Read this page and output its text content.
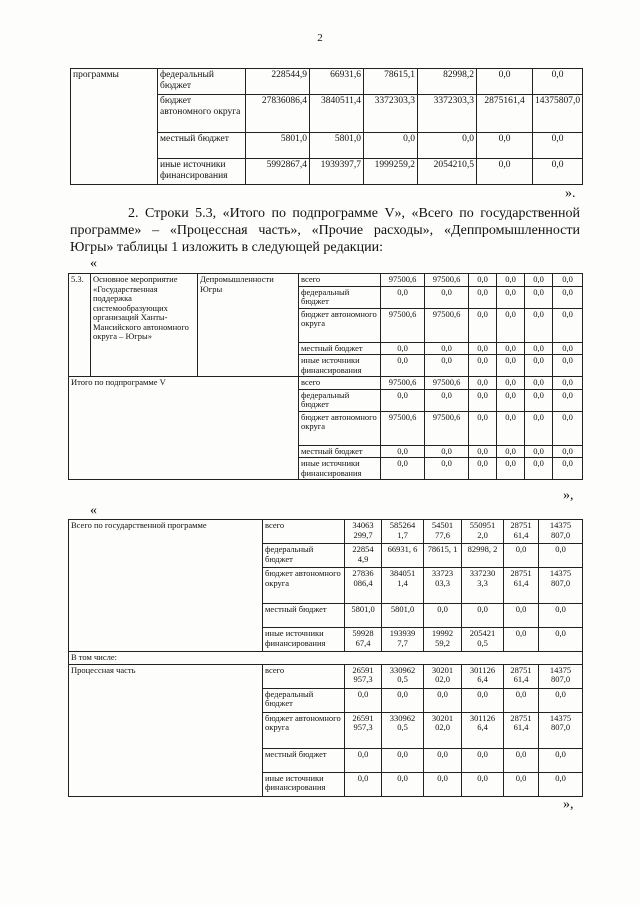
2
программы	федеральный бюджет	228544,9	66931,6	78615,1	82998,2	0,0	0,0
	бюджет автономного округа	27836086,4	3840511,4	3372303,3	3372303,3	2875161,4	14375807,0
	местный бюджет	5801,0	5801,0	0,0	0,0	0,0	0,0
	иные источники финансирования	5992867,4	1939397,7	1999259,2	2054210,5	0,0	0,0
».
2. Строки 5.3, «Итого по подпрограмме V», «Всего по государственной программе» – «Процессная часть», «Прочие расходы», «Деппромышленности Югры» таблицы 1 изложить в следующей редакции:
«
5.3.	Основное мероприятие «Государственная поддержка системообразующих организаций Ханты-Мансийского автономного округа – Югры»	Депромышленности Югры	всего	97500,6	97500,6	0,0	0,0	0,0	0,0
			федеральный бюджет	0,0	0,0	0,0	0,0	0,0	0,0
			бюджет автономного округа	97500,6	97500,6	0,0	0,0	0,0	0,0
			местный бюджет	0,0	0,0	0,0	0,0	0,0	0,0
			иные источники финансирования	0,0	0,0	0,0	0,0	0,0	0,0
Итого по подпрограмме V			всего	97500,6	97500,6	0,0	0,0	0,0	0,0
			федеральный бюджет	0,0	0,0	0,0	0,0	0,0	0,0
			бюджет автономного округа	97500,6	97500,6	0,0	0,0	0,0	0,0
			местный бюджет	0,0	0,0	0,0	0,0	0,0	0,0
			иные источники финансирования	0,0	0,0	0,0	0,0	0,0	0,0
»,
«
Всего по государственной программе	всего	34063 299,7	585264 1,7	54501 77,6	550951 2,0	28751 61,4	14375 807,0
	федеральный бюджет	22854 4,9	66931, 6	78615, 1	82998, 2	0,0	0,0
	бюджет автономного округа	27836 086,4	384051 1,4	33723 03,3	337230 3,3	28751 61,4	14375 807,0
	местный бюджет	5801,0	5801,0	0,0	0,0	0,0	0,0
	иные источники финансирования	59928 67,4	193939 7,7	19992 59,2	205421 0,5	0,0	0,0
В том числе:							
Процессная часть	всего	26591 957,3	330962 0,5	30201 02,0	301126 6,4	28751 61,4	14375 807,0
	федеральный бюджет	0,0	0,0	0,0	0,0	0,0	0,0
	бюджет автономного округа	26591 957,3	330962 0,5	30201 02,0	301126 6,4	28751 61,4	14375 807,0
	местный бюджет	0,0	0,0	0,0	0,0	0,0	0,0
	иные источники финансирования	0,0	0,0	0,0	0,0	0,0	0,0
»,
